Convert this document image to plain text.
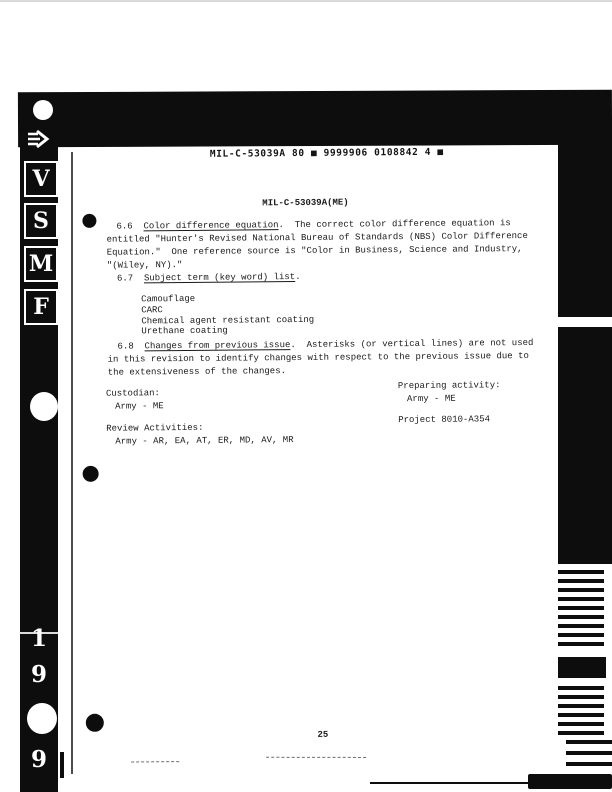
V
S
M
F
1
9
9
MIL-C-53039A 80 ■ 9999906 0108842 4 ■
MIL-C-53039A(ME)
6.6  Color difference equation.  The correct color difference equation is
entitled "Hunter's Revised National Bureau of Standards (NBS) Color Difference
Equation."  One reference source is "Color in Business, Science and Industry,
"(Wiley, NY)."
6.7  Subject term (key word) list.
Camouflage
CARC
Chemical agent resistant coating
Urethane coating
6.8  Changes from previous issue.  Asterisks (or vertical lines) are not used
in this revision to identify changes with respect to the previous issue due to
the extensiveness of the changes.
Custodian:
Army - ME
Review Activities:
Army - AR, EA, AT, ER, MD, AV, MR
Preparing activity:
Army - ME
Project 8010-A354
25
